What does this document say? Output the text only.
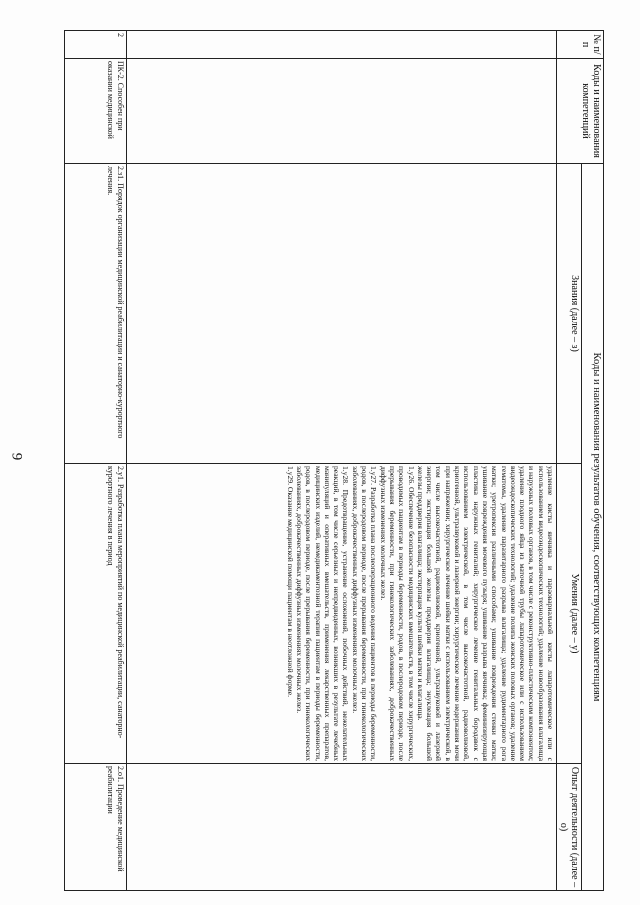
9
№ п/п	Коды и наименования компетенций	Коды и наименования результатов обучения, соответствующих компетенциям		
		Знания (далее – з)	Умения (далее – у)	Опыт деятельности (далее – о)

			удаление кисты яичника и параовариальной кисты лапаротомическое или с использованием видеоэндоскопических технологий; удаление новообразования влагалища и наружных половых органов, в том числе с реконструктивно-пластическим компонентом; удаление плодного яйца из маточной трубы лапаротомическое или с использованием видеоэндоскопических технологий; удаление полипа женских половых органов; удаление гематомы, удаление паразитарного разрыва влагалища; удаление рудиментарного рога матки; уретропексия различными способами; ушивание повреждения стенки матки; ушивание повреждения мочевого пузыря; ушивание разрыва яичника; феминизирующая пластика наружных гениталий; хирургическое лечение генитальных бородавок с использованием электрической, в том числе высокочастотной, радиоволновой, криогенной, ультразвуковой и лазерной энергии; хирургическое лечение недержания мочи при напряжении; хирургическое лечение шейки матки с использованием электрической, в том числе высокочастотной, радиоволновой, криогенной, ультразвуковой и лазерной энергии; экстирпация большой железы преддверия влагалища; энуклеация большой железы преддверия влагалища; экстирпация культи шейки матки и влагалища.

1.у26. Обеспечение безопасности медицинских вмешательств, в том числе хирургических, проводимых пациентам в периоды беременности, родов, в послеродовом периоде, после прерывания беременности, при гинекологических заболеваниях, доброкачественных диффузных изменениях молочных желез.

1.у27. Разработка плана послеоперационного ведения пациентов в периоды беременности, родов, в послеродовом периоде, после прерывания беременности, при гинекологических заболеваниях, доброкачественных диффузных изменениях молочных желез.

1.у28. Предотвращение, устранение осложнений, побочных действий, нежелательных реакций, в том числе серьезных и непредвиденных, возникших в результате лечебных манипуляций и оперативных вмешательств, применения лекарственных препаратов, медицинских изделий, немедикаментозной терапии пациентам в периоды беременности, родов, в послеродовом периоде, после прерывания беременности, при гинекологических заболеваниях, доброкачественных диффузных изменениях молочных желез.

1.у29. Оказание медицинской помощи пациентам в неотложной форме.	

2	ПК-2. Способен при оказании медицинской	2.з1. Порядок организации медицинской реабилитации и санаторно-курортного лечения.	2.у1. Разработка плана мероприятий по медицинской реабилитации, санаторно-курортного лечения в период	2.о1. Проведение медицинской реабилитации
